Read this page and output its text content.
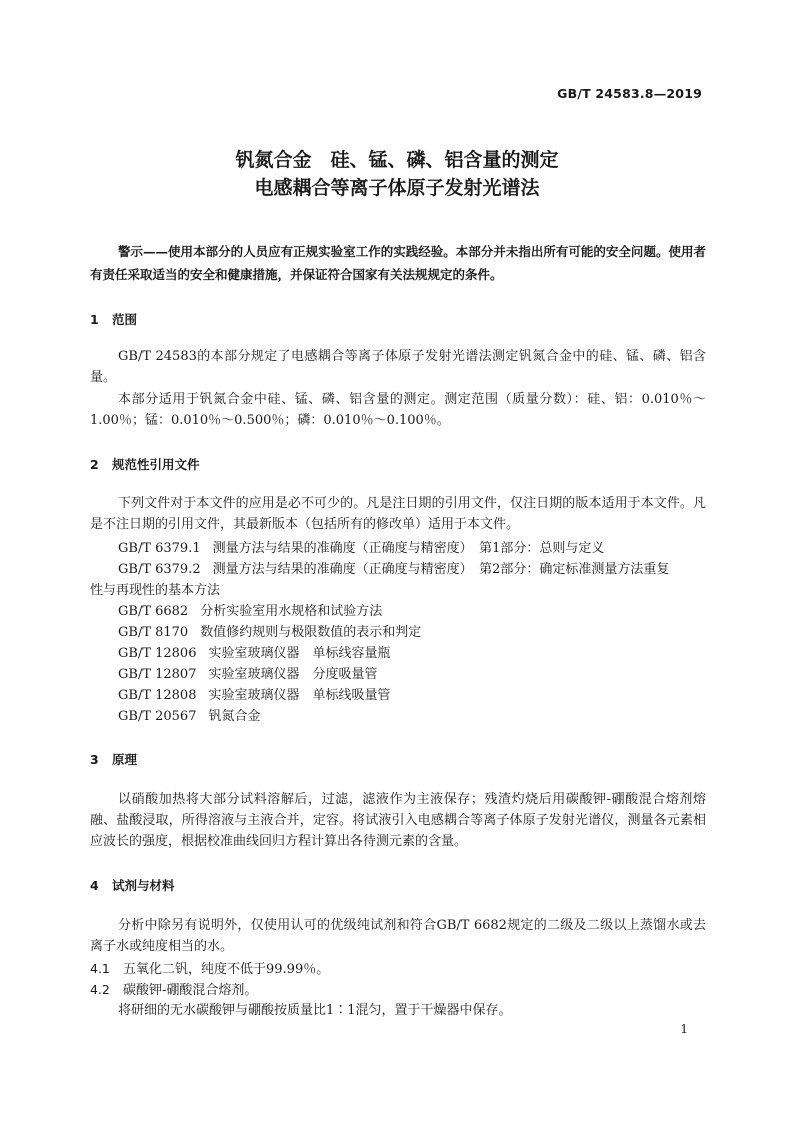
GB/T 24583.8—2019
钒氮合金　硅、锰、磷、铝含量的测定
电感耦合等离子体原子发射光谱法
警示——使用本部分的人员应有正规实验室工作的实践经验。本部分并未指出所有可能的安全问题。使用者有责任采取适当的安全和健康措施，并保证符合国家有关法规规定的条件。
1 范围
GB/T 24583的本部分规定了电感耦合等离子体原子发射光谱法测定钒氮合金中的硅、锰、磷、铝含量。
本部分适用于钒氮合金中硅、锰、磷、铝含量的测定。测定范围（质量分数）：硅、铝：0.010％～1.00％；锰：0.010％～0.500％；磷：0.010％～0.100％。
2 规范性引用文件
下列文件对于本文件的应用是必不可少的。凡是注日期的引用文件，仅注日期的版本适用于本文件。凡是不注日期的引用文件，其最新版本（包括所有的修改单）适用于本文件。
GB/T 6379.1 测量方法与结果的准确度（正确度与精密度）　第1部分：总则与定义
GB/T 6379.2 测量方法与结果的准确度（正确度与精密度）　第2部分：确定标准测量方法重复
性与再现性的基本方法
GB/T 6682 分析实验室用水规格和试验方法
GB/T 8170 数值修约规则与极限数值的表示和判定
GB/T 12806 实验室玻璃仪器　单标线容量瓶
GB/T 12807 实验室玻璃仪器　分度吸量管
GB/T 12808 实验室玻璃仪器　单标线吸量管
GB/T 20567 钒氮合金
3 原理
以硝酸加热将大部分试料溶解后，过滤，滤液作为主液保存；残渣灼烧后用碳酸钾-硼酸混合熔剂熔融、盐酸浸取，所得溶液与主液合并，定容。将试液引入电感耦合等离子体原子发射光谱仪，测量各元素相应波长的强度，根据校准曲线回归方程计算出各待测元素的含量。
4 试剂与材料
分析中除另有说明外，仅使用认可的优级纯试剂和符合GB/T 6682规定的二级及二级以上蒸馏水或去离子水或纯度相当的水。
4.1 五氧化二钒，纯度不低于99.99％。
4.2 碳酸钾-硼酸混合熔剂。
将研细的无水碳酸钾与硼酸按质量比1∶1混匀，置于干燥器中保存。
1
